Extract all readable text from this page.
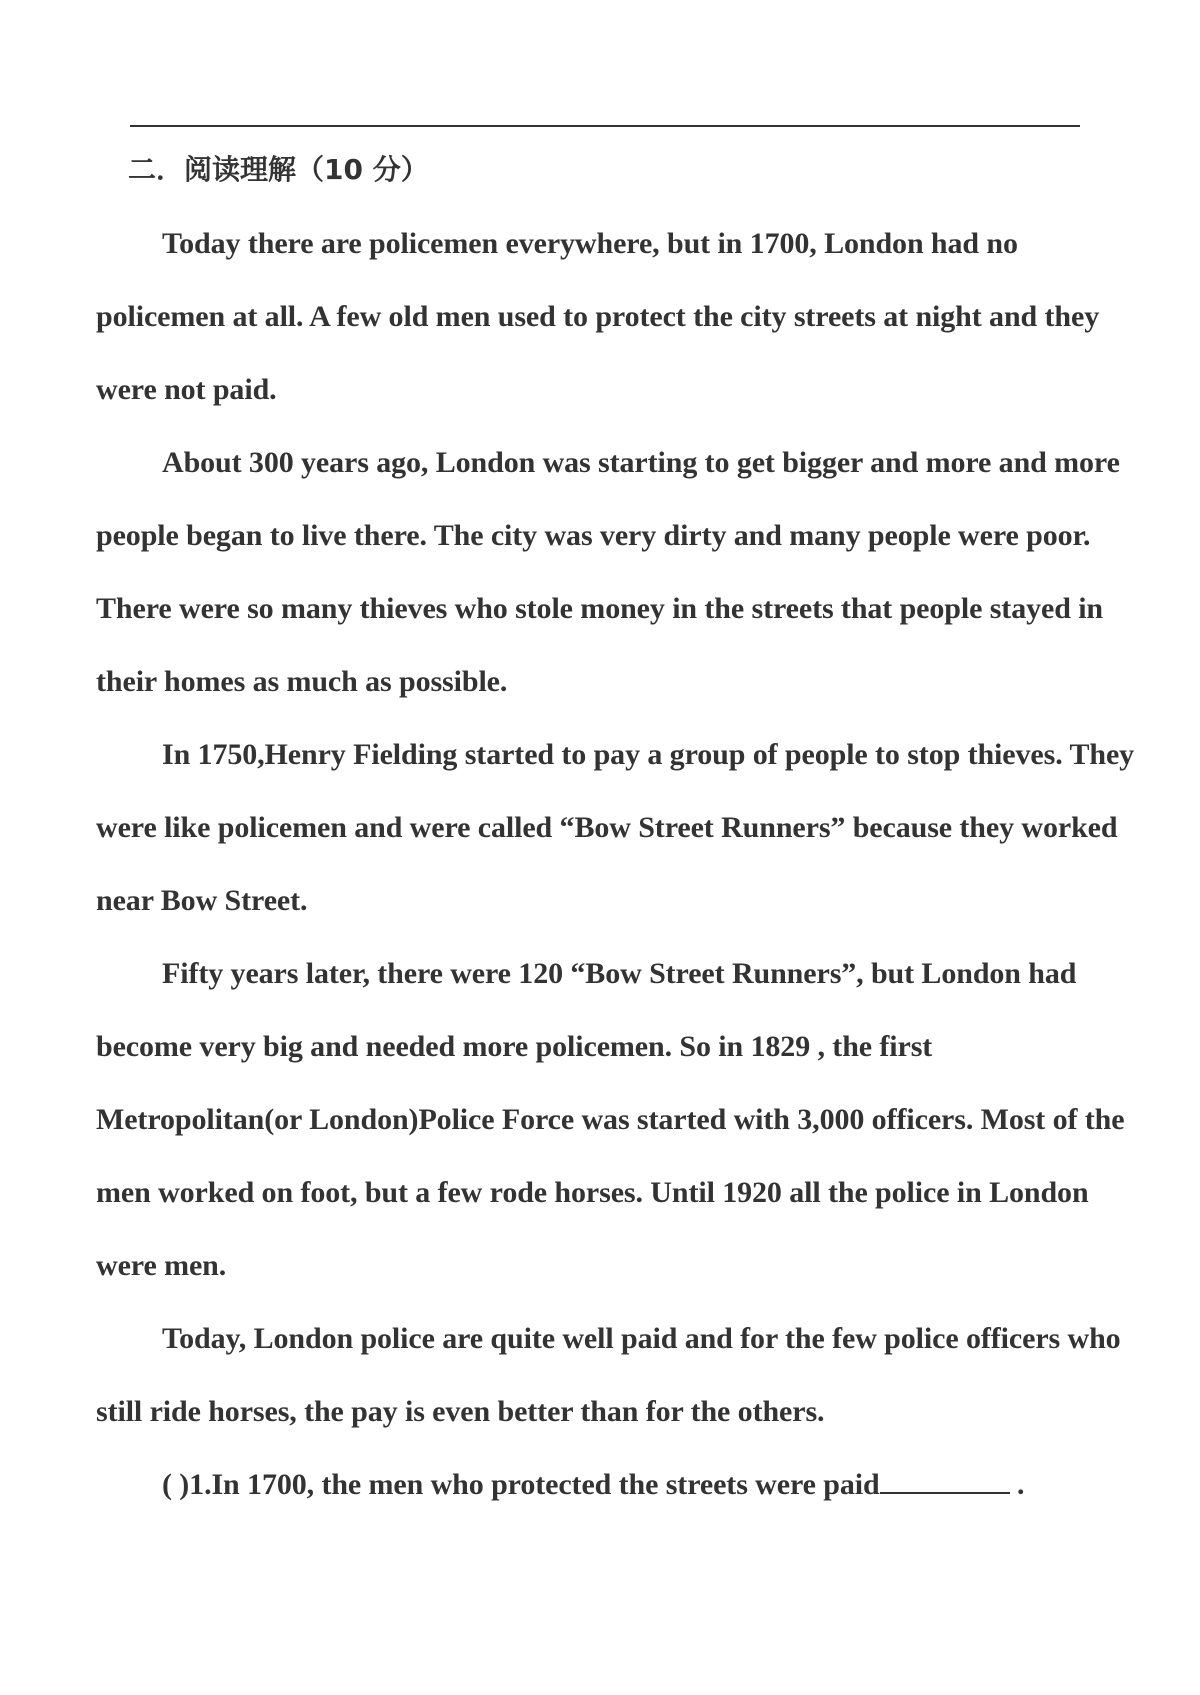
二．阅读理解（10 分）

Today there are policemen everywhere, but in 1700, London had no policemen at all. A few old men used to protect the city streets at night and they were not paid.

About 300 years ago, London was starting to get bigger and more and more people began to live there. The city was very dirty and many people were poor. There were so many thieves who stole money in the streets that people stayed in their homes as much as possible.

In 1750,Henry Fielding started to pay a group of people to stop thieves. They were like policemen and were called “Bow Street Runners” because they worked near Bow Street.

Fifty years later, there were 120 “Bow Street Runners”, but London had become very big and needed more policemen. So in 1829 , the first Metropolitan(or London)Police Force was started with 3,000 officers. Most of the men worked on foot, but a few rode horses. Until 1920 all the police in London were men.

Today, London police are quite well paid and for the few police officers who still ride horses, the pay is even better than for the others.

( )1.In 1700, the men who protected the streets were paid	.
